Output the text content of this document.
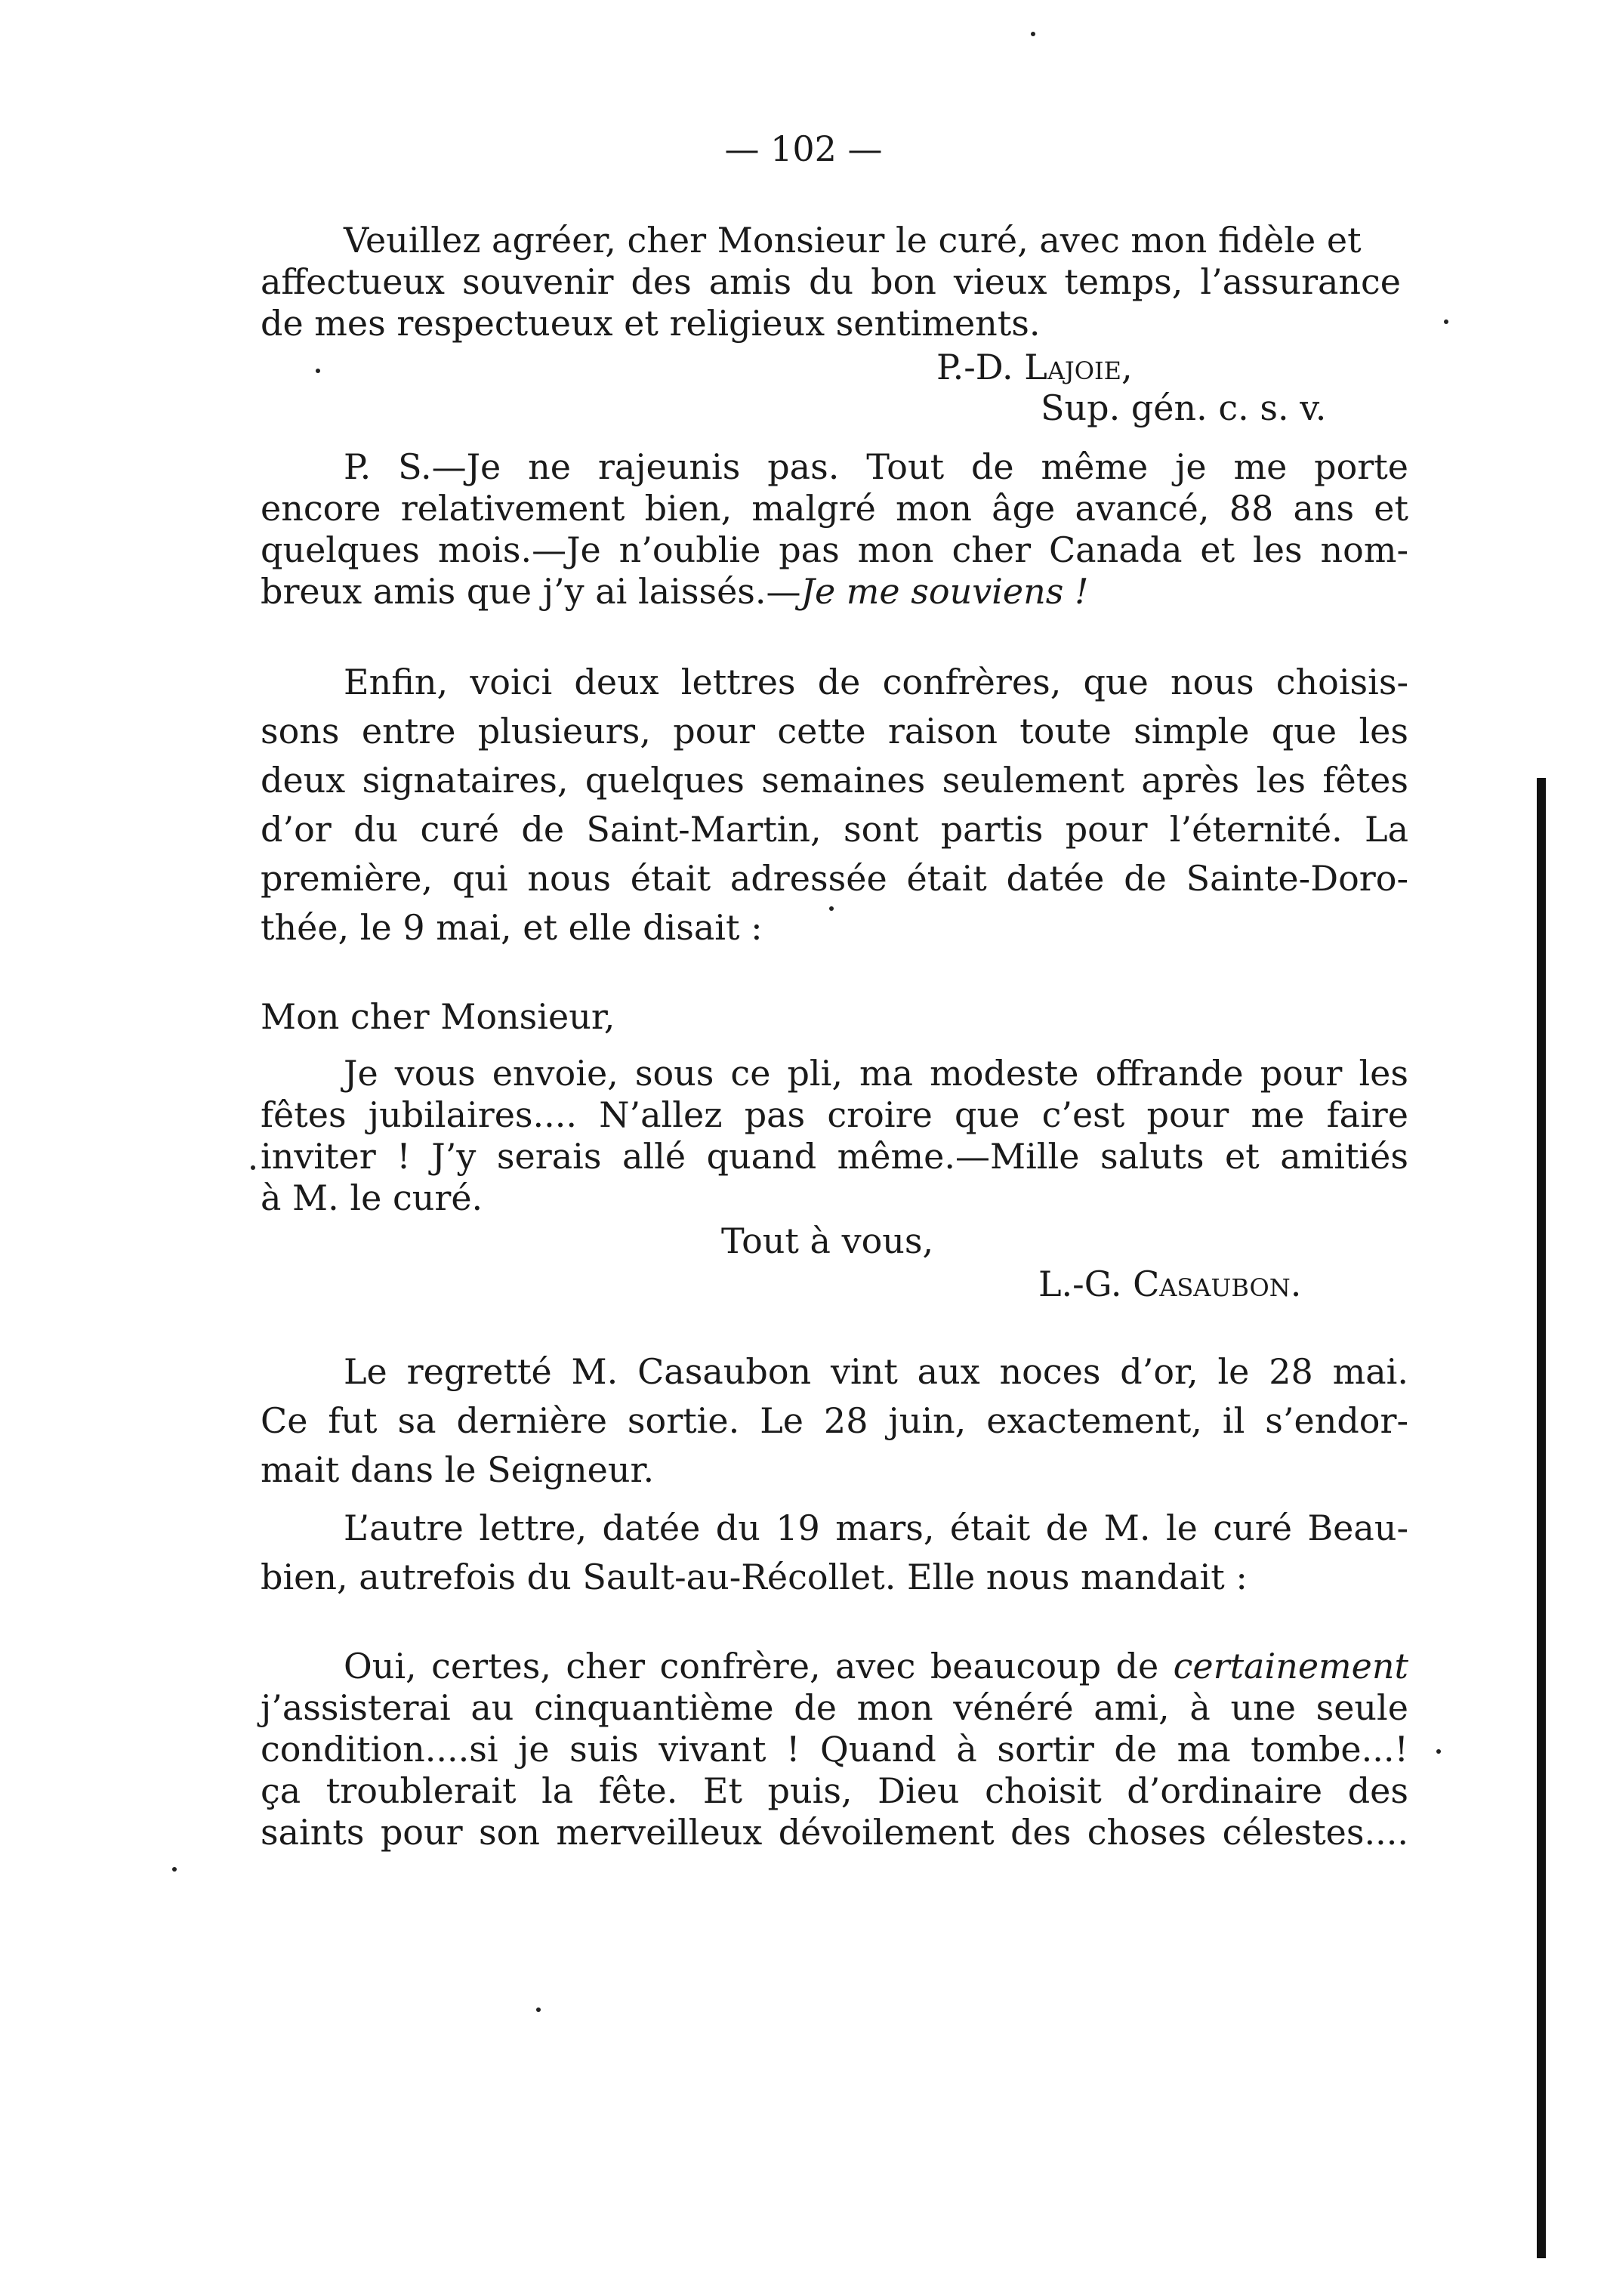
— 102 —
Veuillez agréer, cher Monsieur le curé, avec mon fidèle et
affectueux souvenir des amis du bon vieux temps, l’assurance
de mes respectueux et religieux sentiments.
P.-D. Lajoie,
Sup. gén. c. s. v.
P. S.—Je ne rajeunis pas. Tout de même je me porte
encore relativement bien, malgré mon âge avancé, 88 ans et
quelques mois.—Je n’oublie pas mon cher Canada et les nom-
breux amis que j’y ai laissés.—Je me souviens !
Enfin, voici deux lettres de confrères, que nous choisis-
sons entre plusieurs, pour cette raison toute simple que les
deux signataires, quelques semaines seulement après les fêtes
d’or du curé de Saint-Martin, sont partis pour l’éternité. La
première, qui nous était adressée était datée de Sainte-Doro-
thée, le 9 mai, et elle disait :
Mon cher Monsieur,
Je vous envoie, sous ce pli, ma modeste offrande pour les
fêtes jubilaires.... N’allez pas croire que c’est pour me faire
inviter ! J’y serais allé quand même.—Mille saluts et amitiés
à M. le curé.
Tout à vous,
L.-G. Casaubon.
Le regretté M. Casaubon vint aux noces d’or, le 28 mai.
Ce fut sa dernière sortie. Le 28 juin, exactement, il s’endor-
mait dans le Seigneur.
L’autre lettre, datée du 19 mars, était de M. le curé Beau-
bien, autrefois du Sault-au-Récollet. Elle nous mandait :
Oui, certes, cher confrère, avec beaucoup de certainement
j’assisterai au cinquantième de mon vénéré ami, à une seule
condition....si je suis vivant ! Quand à sortir de ma tombe...!
ça troublerait la fête. Et puis, Dieu choisit d’ordinaire des
saints pour son merveilleux dévoilement des choses célestes....
